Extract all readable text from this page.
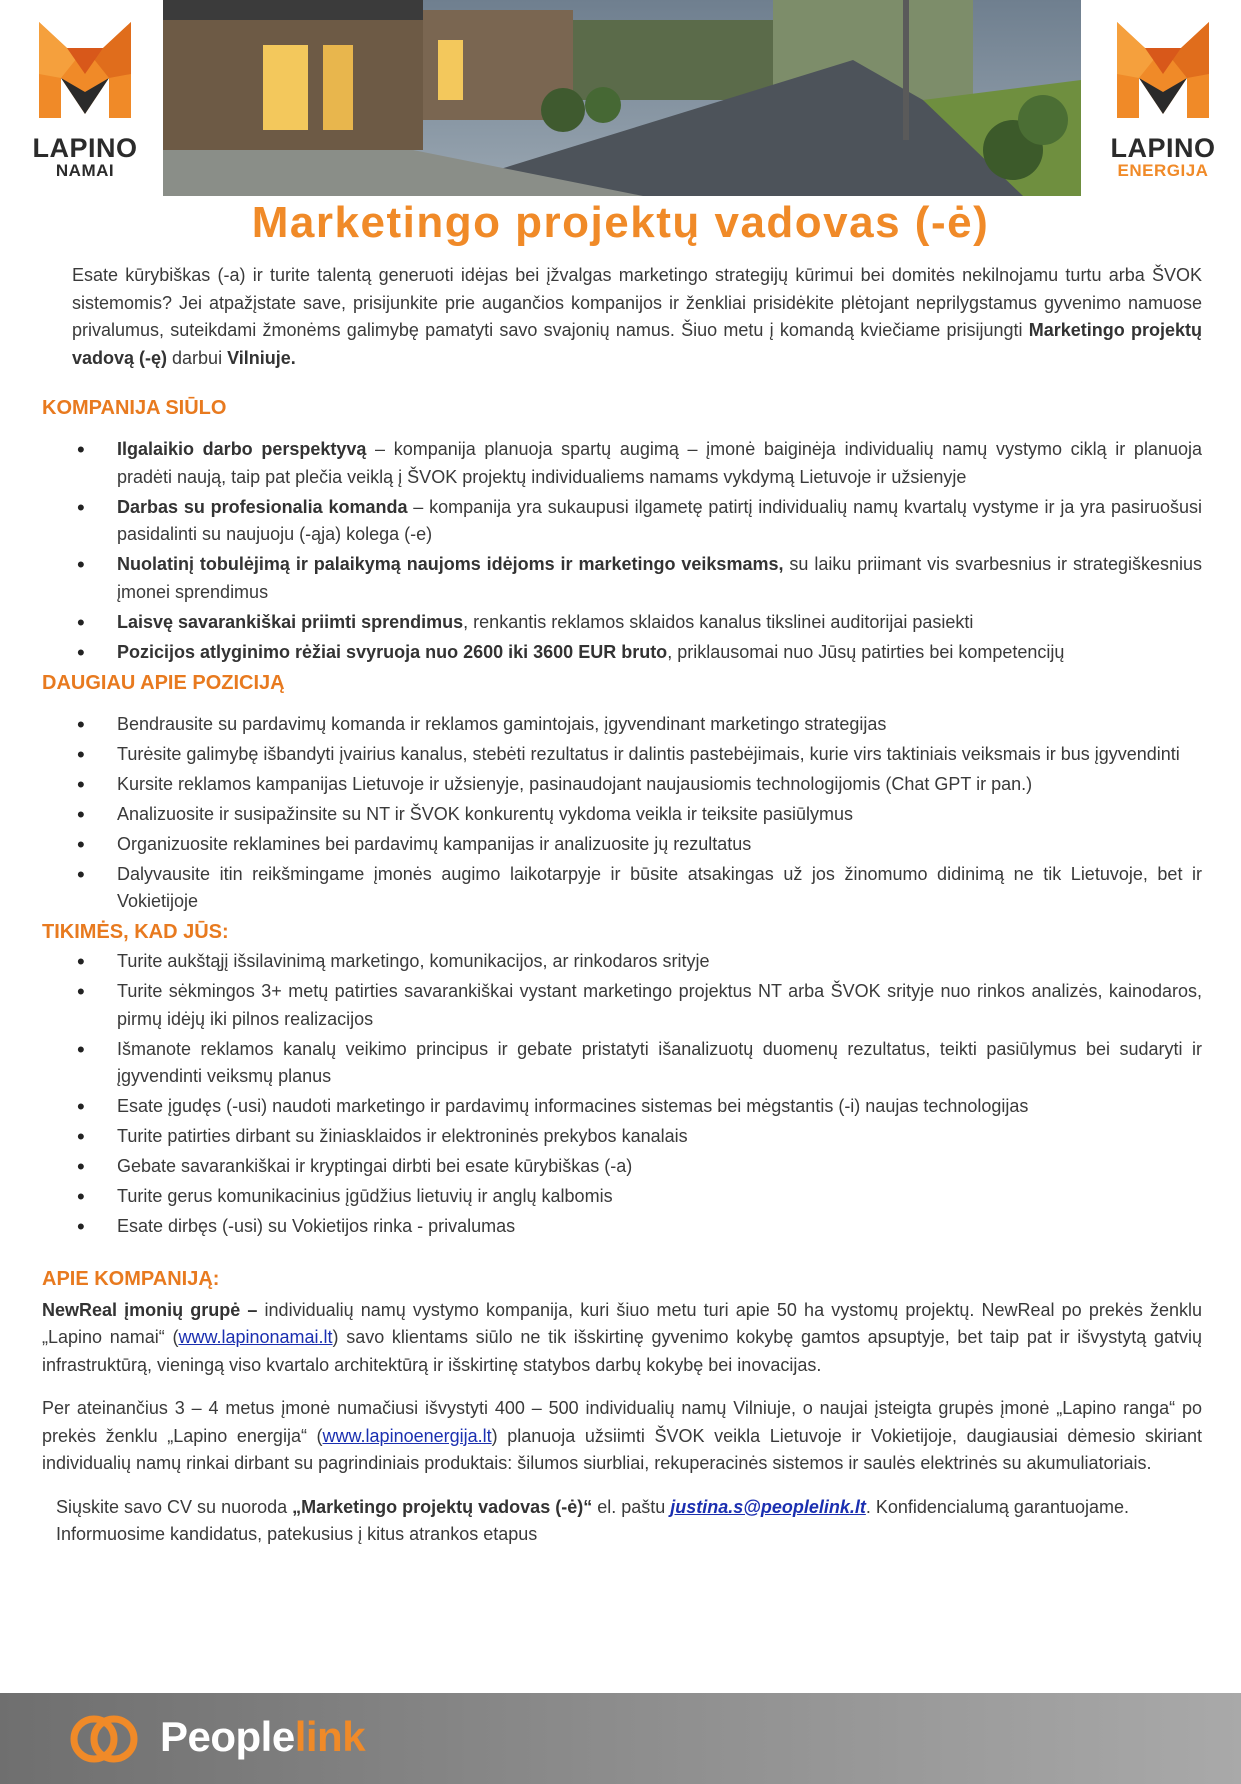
LAPINO
NAMAI
LAPINO
ENERGIJA
Marketingo projektų vadovas (-ė)

Esate kūrybiškas (-a) ir turite talentą generuoti idėjas bei įžvalgas marketingo strategijų kūrimui bei domitės nekilnojamu turtu arba ŠVOK sistemomis? Jei atpažįstate save, prisijunkite prie augančios kompanijos ir ženkliai prisidėkite plėtojant neprilygstamus gyvenimo namuose privalumus, suteikdami žmonėms galimybę pamatyti savo svajonių namus. Šiuo metu į komandą kviečiame prisijungti Marketingo projektų vadovą (-ę) darbui Vilniuje.

KOMPANIJA SIŪLO
• Ilgalaikio darbo perspektyvą – kompanija planuoja spartų augimą – įmonė baiginėja individualių namų vystymo ciklą ir planuoja pradėti naują, taip pat plečia veiklą į ŠVOK projektų individualiems namams vykdymą Lietuvoje ir užsienyje
• Darbas su profesionalia komanda – kompanija yra sukaupusi ilgametę patirtį individualių namų kvartalų vystyme ir ja yra pasiruošusi pasidalinti su naujuoju (-ąja) kolega (-e)
• Nuolatinį tobulėjimą ir palaikymą naujoms idėjoms ir marketingo veiksmams, su laiku priimant vis svarbesnius ir strategiškesnius įmonei sprendimus
• Laisvę savarankiškai priimti sprendimus, renkantis reklamos sklaidos kanalus tikslinei auditorijai pasiekti
• Pozicijos atlyginimo rėžiai svyruoja nuo 2600 iki 3600 EUR bruto, priklausomai nuo Jūsų patirties bei kompetencijų
DAUGIAU APIE POZICIJĄ
• Bendrausite su pardavimų komanda ir reklamos gamintojais, įgyvendinant marketingo strategijas
• Turėsite galimybę išbandyti įvairius kanalus, stebėti rezultatus ir dalintis pastebėjimais, kurie virs taktiniais veiksmais ir bus įgyvendinti
• Kursite reklamos kampanijas Lietuvoje ir užsienyje, pasinaudojant naujausiomis technologijomis (Chat GPT ir pan.)
• Analizuosite ir susipažinsite su NT ir ŠVOK konkurentų vykdoma veikla ir teiksite pasiūlymus
• Organizuosite reklamines bei pardavimų kampanijas ir analizuosite jų rezultatus
• Dalyvausite itin reikšmingame įmonės augimo laikotarpyje ir būsite atsakingas už jos žinomumo didinimą ne tik Lietuvoje, bet ir Vokietijoje
TIKIMĖS, KAD JŪS:
• Turite aukštąjį išsilavinimą marketingo, komunikacijos, ar rinkodaros srityje
• Turite sėkmingos 3+ metų patirties savarankiškai vystant marketingo projektus NT arba ŠVOK srityje nuo rinkos analizės, kainodaros, pirmų idėjų iki pilnos realizacijos
• Išmanote reklamos kanalų veikimo principus ir gebate pristatyti išanalizuotų duomenų rezultatus, teikti pasiūlymus bei sudaryti ir įgyvendinti veiksmų planus
• Esate įgudęs (-usi) naudoti marketingo ir pardavimų informacines sistemas bei mėgstantis (-i) naujas technologijas
• Turite patirties dirbant su žiniasklaidos ir elektroninės prekybos kanalais
• Gebate savarankiškai ir kryptingai dirbti bei esate kūrybiškas (-a)
• Turite gerus komunikacinius įgūdžius lietuvių ir anglų kalbomis
• Esate dirbęs (-usi) su Vokietijos rinka - privalumas
APIE KOMPANIJĄ:

NewReal įmonių grupė – individualių namų vystymo kompanija, kuri šiuo metu turi apie 50 ha vystomų projektų. NewReal po prekės ženklu „Lapino namai“ (www.lapinonamai.lt) savo klientams siūlo ne tik išskirtinę gyvenimo kokybę gamtos apsuptyje, bet taip pat ir išvystytą gatvių infrastruktūrą, vieningą viso kvartalo architektūrą ir išskirtinę statybos darbų kokybę bei inovacijas.

Per ateinančius 3 – 4 metus įmonė numačiusi išvystyti 400 – 500 individualių namų Vilniuje, o naujai įsteigta grupės įmonė „Lapino ranga“ po prekės ženklu „Lapino energija“ (www.lapinoenergija.lt) planuoja užsiimti ŠVOK veikla Lietuvoje ir Vokietijoje, daugiausiai dėmesio skiriant individualių namų rinkai dirbant su pagrindiniais produktais: šilumos siurbliai, rekuperacinės sistemos ir saulės elektrinės su akumuliatoriais.

Siųskite savo CV su nuoroda „Marketingo projektų vadovas (-ė)“ el. paštu justina.s@peoplelink.lt. Konfidencialumą garantuojame.
Informuosime kandidatus, patekusius į kitus atrankos etapus

Peoplelink
